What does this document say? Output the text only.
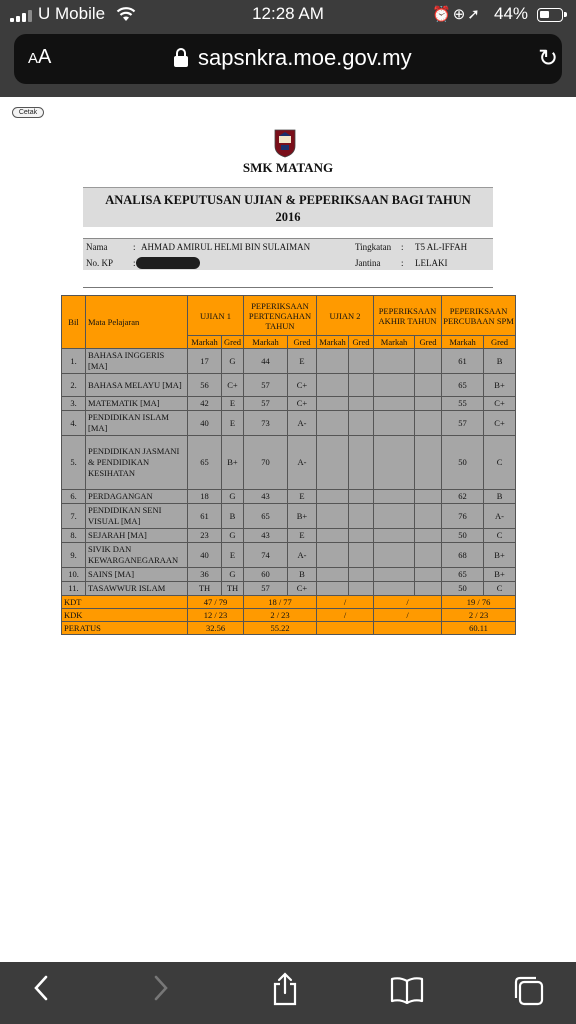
U Mobile	12:28 AM	⏰⊕➚ 44%
AA	sapsnkra.moe.gov.my	↻
Cetak
SMK MATANG
ANALISA KEPUTUSAN UJIAN & PEPERIKSAAN BAGI TAHUN
2016
Nama	: AHMAD AMIRUL HELMI BIN SULAIMAN	Tingkatan : T5 AL-IFFAH
No. KP :	Jantina : LELAKI
Bil	Mata Pelajaran	UJIAN 1		PEPERIKSAAN PERTENGAHAN TAHUN		UJIAN 2		PEPERIKSAAN AKHIR TAHUN		PEPERIKSAAN PERCUBAAN SPM	
		Markah	Gred	Markah	Gred	Markah	Gred	Markah	Gred	Markah	Gred
1.	BAHASA INGGERIS [MA]	17	G	44	E					61	B
2.	BAHASA MELAYU [MA]	56	C+	57	C+					65	B+
3.	MATEMATIK [MA]	42	E	57	C+					55	C+
4.	PENDIDIKAN ISLAM [MA]	40	E	73	A-					57	C+
5.	PENDIDIKAN JASMANI & PENDIDIKAN KESIHATAN	65	B+	70	A-					50	C
6.	PERDAGANGAN	18	G	43	E					62	B
7.	PENDIDIKAN SENI VISUAL [MA]	61	B	65	B+					76	A-
8.	SEJARAH [MA]	23	G	43	E					50	C
9.	SIVIK DAN KEWARGANEGARAAN	40	E	74	A-					68	B+
10.	SAINS [MA]	36	G	60	B					65	B+
11.	TASAWWUR ISLAM	TH	TH	57	C+					50	C
KDT		47 / 79		18 / 77		/		/		19 / 76	
KDK		12 / 23		2 / 23		/		/		2 / 23	
PERATUS		32.56		55.22						60.11	
